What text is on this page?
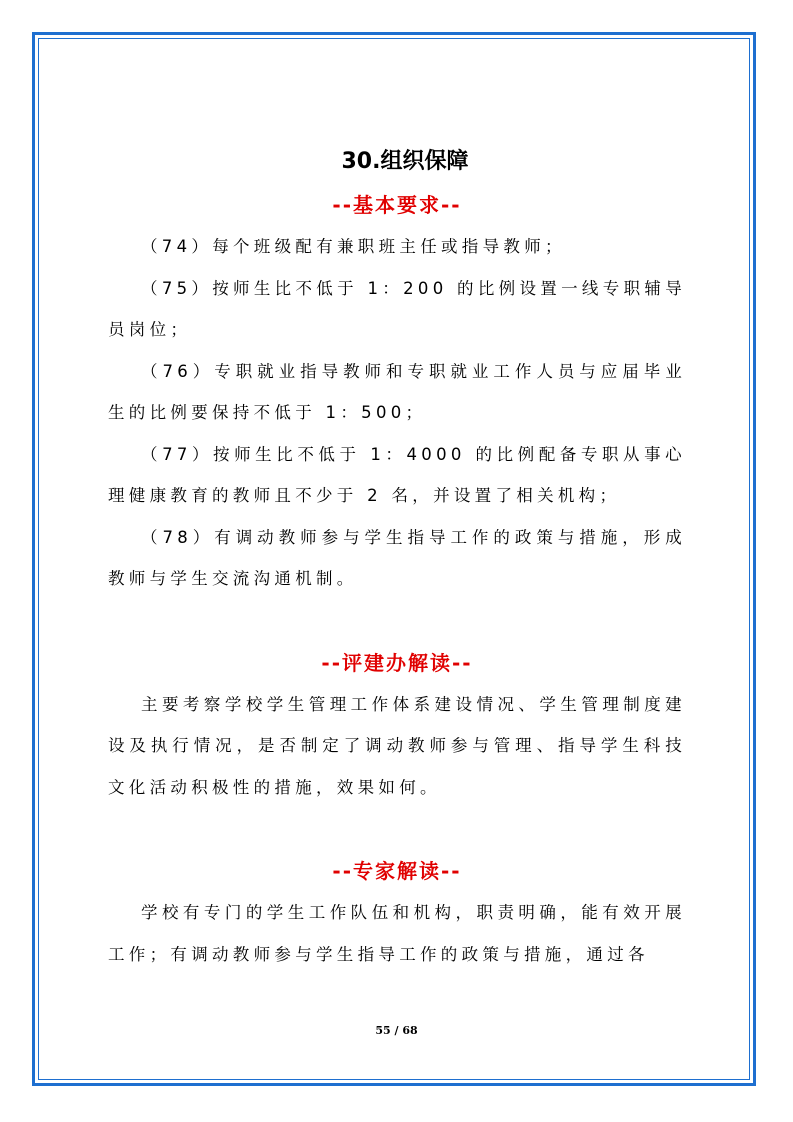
30.组织保障
--基本要求--

（74）每个班级配有兼职班主任或指导教师；

（75）按师生比不低于 1：200 的比例设置一线专职辅导员岗位；

（76）专职就业指导教师和专职就业工作人员与应届毕业生的比例要保持不低于 1：500；

（77）按师生比不低于 1：4000 的比例配备专职从事心理健康教育的教师且不少于 2 名，并设置了相关机构；

（78）有调动教师参与学生指导工作的政策与措施，形成教师与学生交流沟通机制。

--评建办解读--

主要考察学校学生管理工作体系建设情况、学生管理制度建设及执行情况，是否制定了调动教师参与管理、指导学生科技文化活动积极性的措施，效果如何。

--专家解读--

学校有专门的学生工作队伍和机构，职责明确，能有效开展工作；有调动教师参与学生指导工作的政策与措施，通过各

55 / 68
